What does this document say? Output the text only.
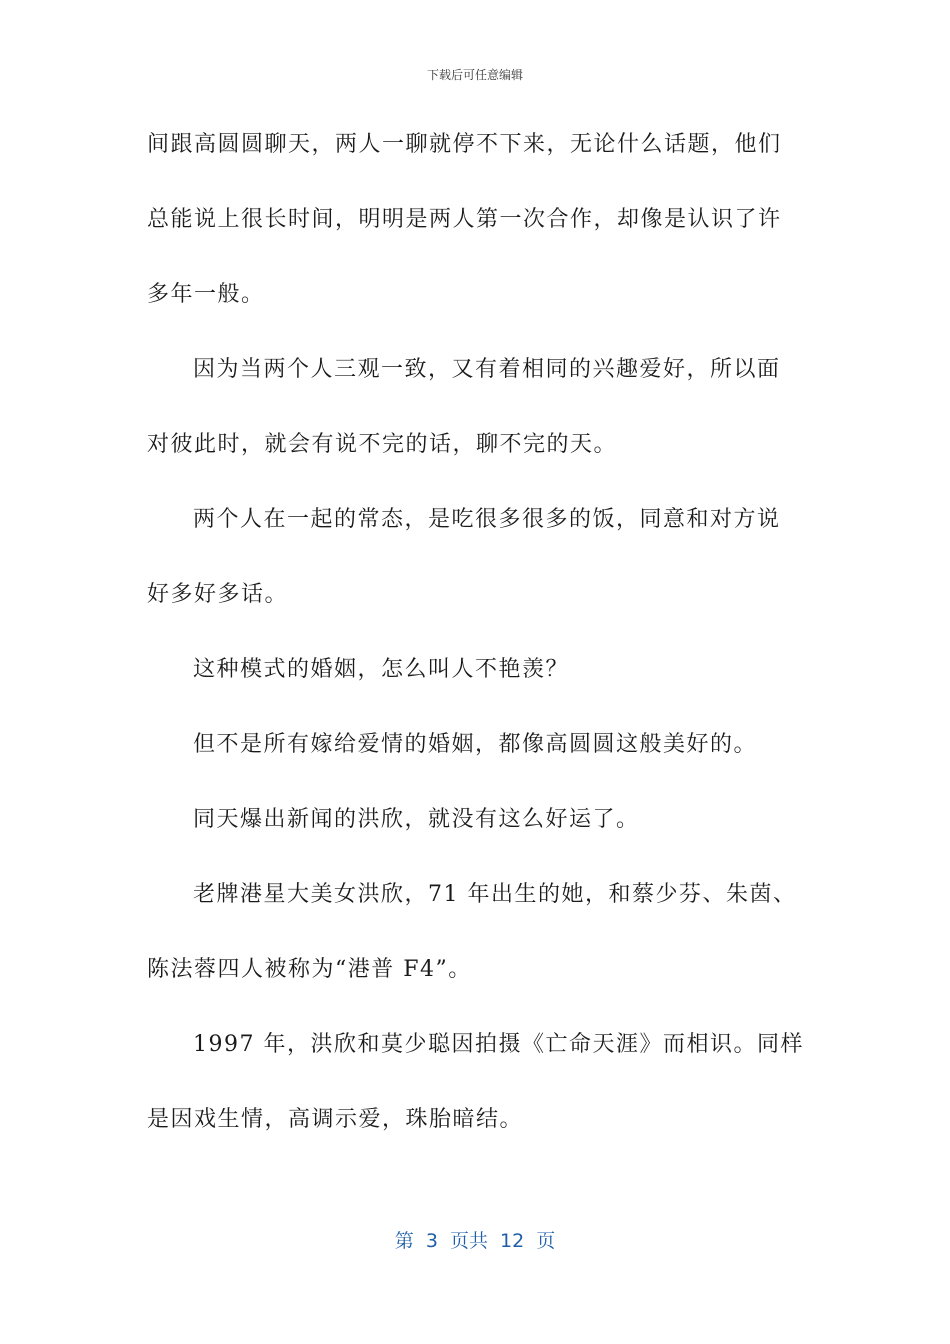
下载后可任意编辑
间跟高圆圆聊天，两人一聊就停不下来，无论什么话题，他们
总能说上很长时间，明明是两人第一次合作，却像是认识了许
多年一般。
因为当两个人三观一致，又有着相同的兴趣爱好，所以面
对彼此时，就会有说不完的话，聊不完的天。
两个人在一起的常态，是吃很多很多的饭，同意和对方说
好多好多话。
这种模式的婚姻，怎么叫人不艳羡？
但不是所有嫁给爱情的婚姻，都像高圆圆这般美好的。
同天爆出新闻的洪欣，就没有这么好运了。
老牌港星大美女洪欣，71 年出生的她，和蔡少芬、朱茵、
陈法蓉四人被称为“港普 F4”。
1997 年，洪欣和莫少聪因拍摄《亡命天涯》而相识。同样
是因戏生情，高调示爱，珠胎暗结。
第 3 页共 12 页
